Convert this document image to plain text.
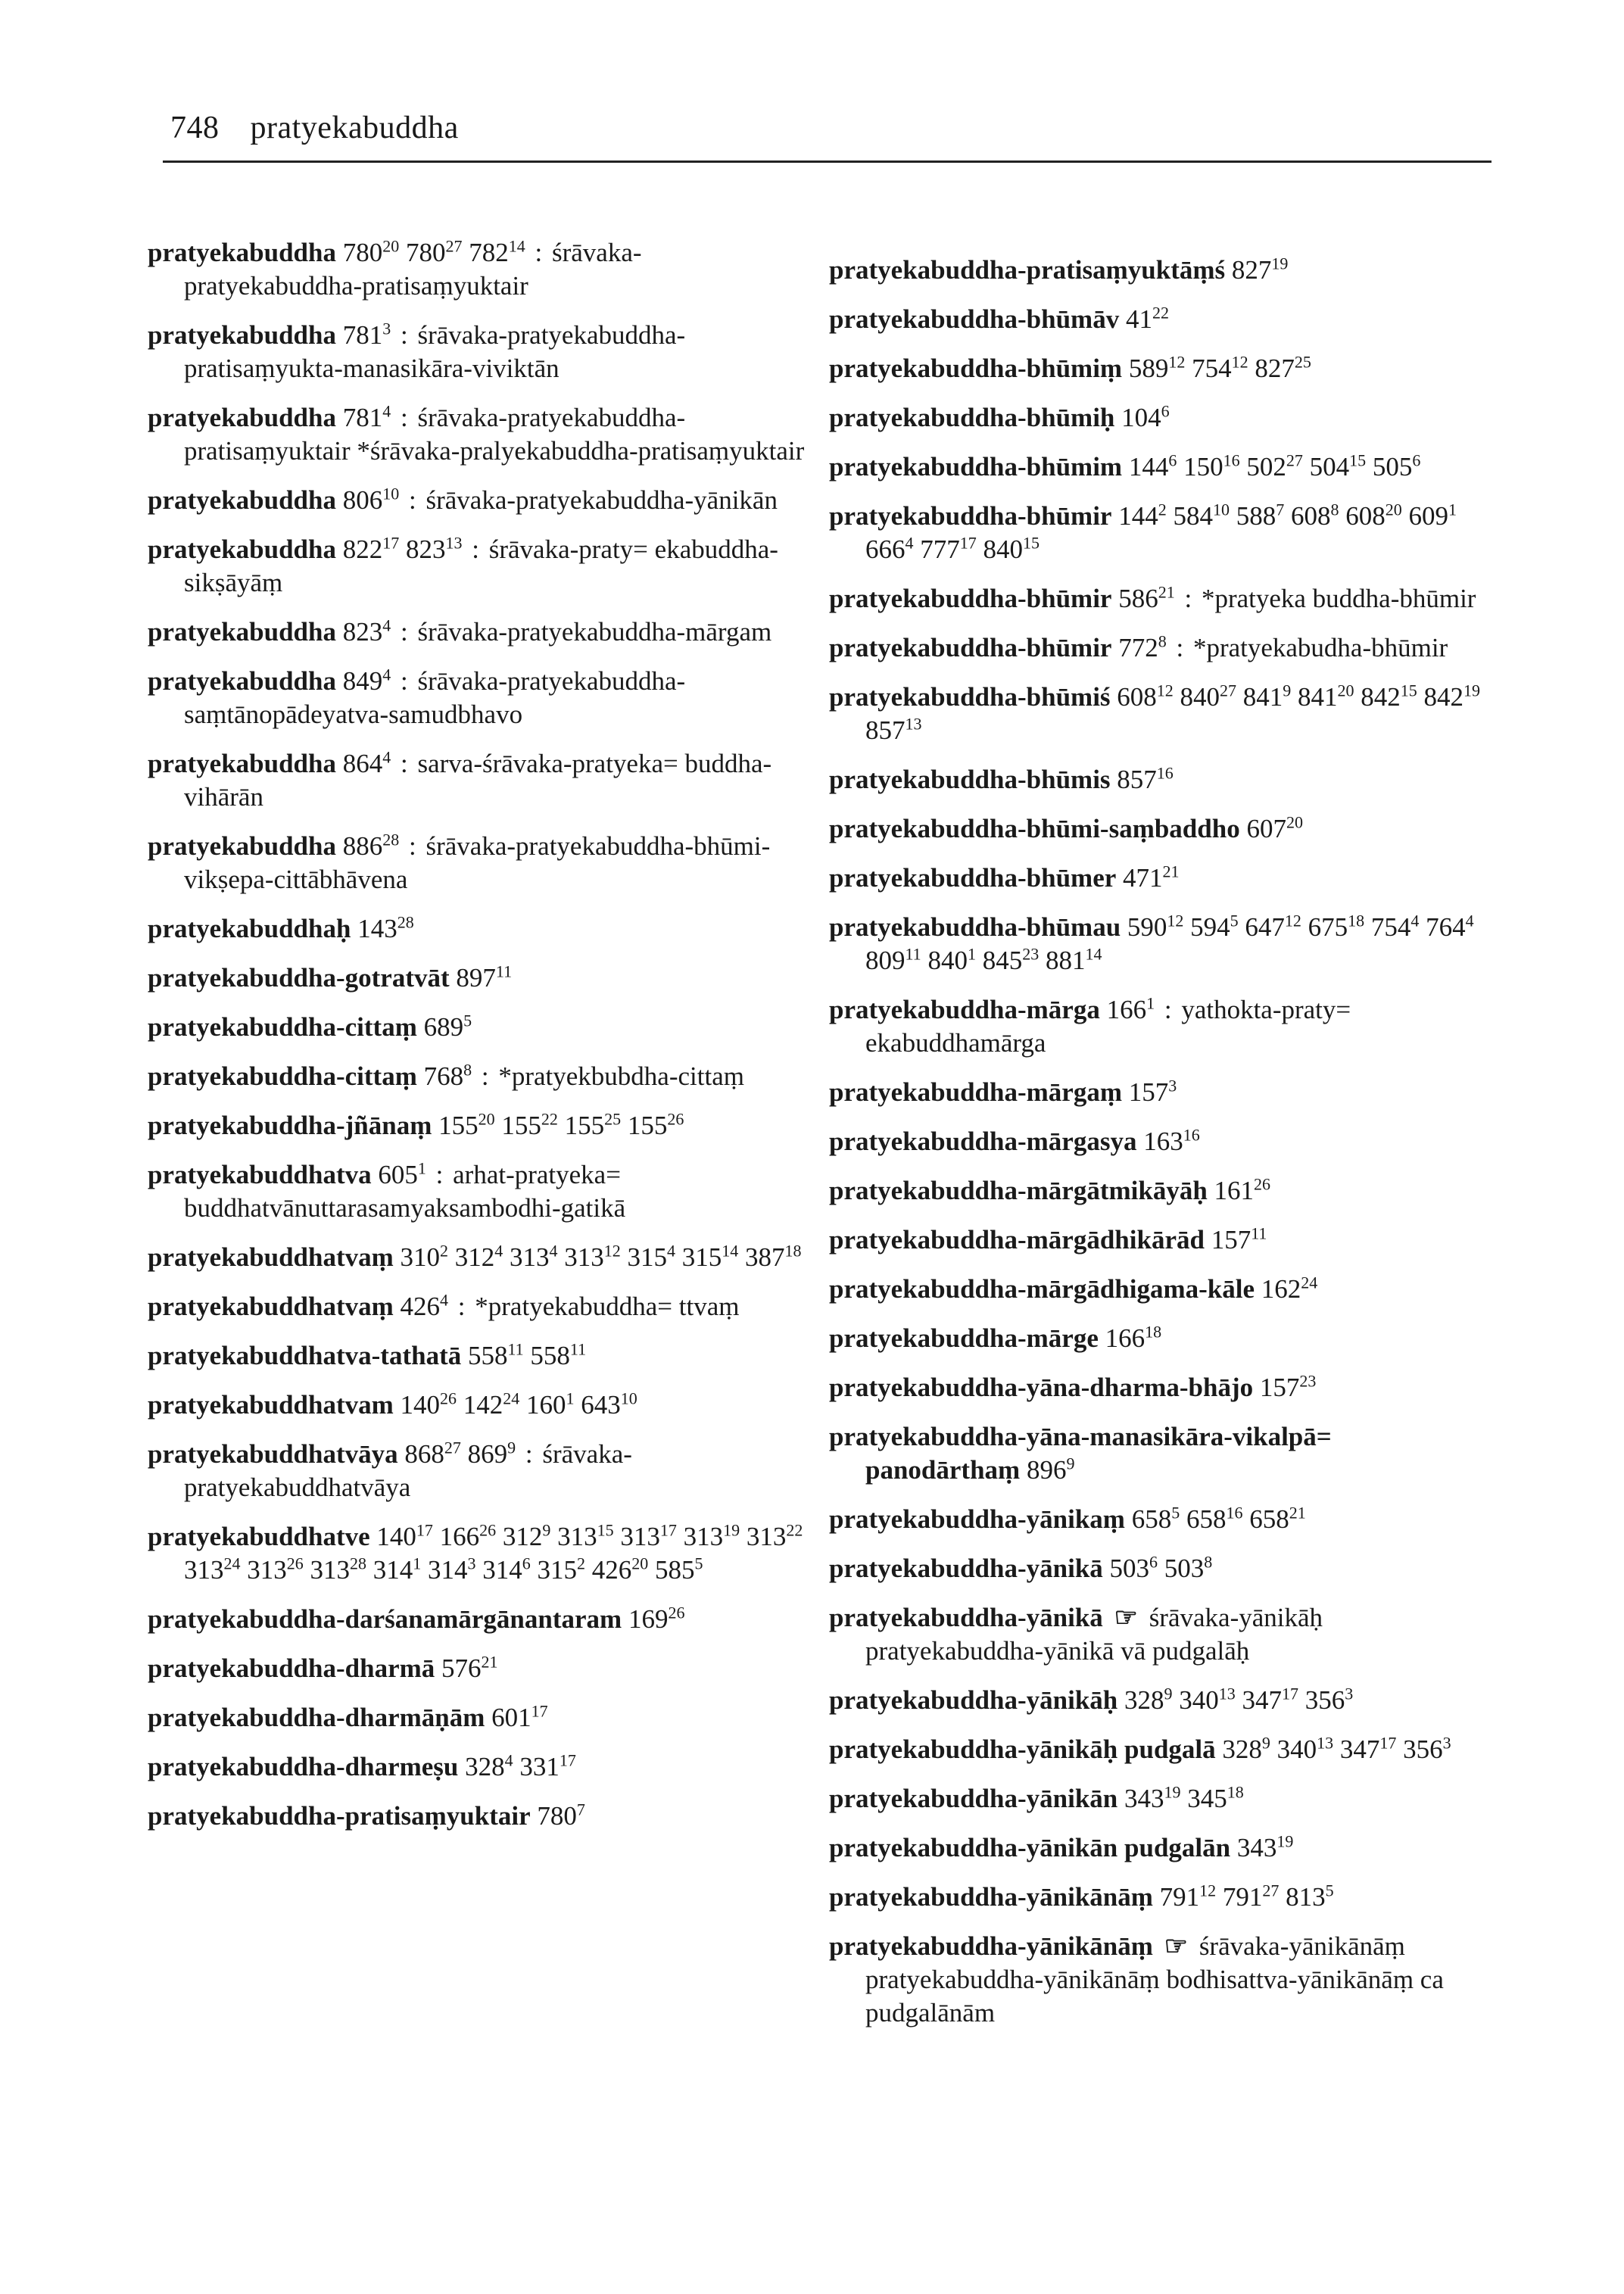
748 pratyekabuddha
pratyekabuddha $780^{20}$ $780^{27}$ $782^{14}$ : śrāvaka-pratyekabuddha-pratisaṃyuktair
pratyekabuddha $781^3$ : śrāvaka-pratyekabuddha-pratisaṃyukta-manasikāra-viviktān
pratyekabuddha $781^4$ : śrāvaka-pratyekabuddha-pratisaṃyuktair *śrāvaka-pralyekabuddha-pratisaṃyuktair
pratyekabuddha $806^{10}$ : śrāvaka-pratyekabuddha-yānikān
pratyekabuddha $822^{17}$ $823^{13}$ : śrāvaka-praty= ekabuddha-sikṣāyāṃ
pratyekabuddha $823^4$ : śrāvaka-pratyekabuddha-mārgam
pratyekabuddha $849^4$ : śrāvaka-pratyekabuddha-saṃtānopādeyatva-samudbhavo
pratyekabuddha $864^4$ : sarva-śrāvaka-pratyeka= buddha-vihārān
pratyekabuddha $886^{28}$ : śrāvaka-pratyekabuddha-bhūmi-vikṣepa-cittābhāvena
pratyekabuddhaḥ $143^{28}$
pratyekabuddha-gotratvāt $897^{11}$
pratyekabuddha-cittaṃ $689^5$
pratyekabuddha-cittaṃ $768^8$ : *pratyekbubdha-cittaṃ
pratyekabuddha-jñānaṃ $155^{20}$ $155^{22}$ $155^{25}$ $155^{26}$
pratyekabuddhatva $605^1$ : arhat-pratyeka= buddhatvānuttarasamyaksambodhi-gatikā
pratyekabuddhatvaṃ $310^2$ $312^4$ $313^4$ $313^{12}$ $315^4$ $315^{14}$ $387^{18}$
pratyekabuddhatvaṃ $426^4$ : *pratyekabuddha= ttvaṃ
pratyekabuddhatva-tathatā $558^{11}$ $558^{11}$
pratyekabuddhatvam $140^{26}$ $142^{24}$ $160^1$ $643^{10}$
pratyekabuddhatvāya $868^{27}$ $869^9$ : śrāvaka-pratyekabuddhatvāya
pratyekabuddhatve $140^{17}$ $166^{26}$ $312^9$ $313^{15}$ $313^{17}$ $313^{19}$ $313^{22}$ $313^{24}$ $313^{26}$ $313^{28}$ $314^1$ $314^3$ $314^6$ $315^2$ $426^{20}$ $585^5$
pratyekabuddha-darśanamārgānantaram $169^{26}$
pratyekabuddha-dharmā $576^{21}$
pratyekabuddha-dharmāṇām $601^{17}$
pratyekabuddha-dharmeṣu $328^4$ $331^{17}$
pratyekabuddha-pratisaṃyuktair $780^7$
pratyekabuddha-pratisaṃyuktāṃś $827^{19}$
pratyekabuddha-bhūmāv $41^{22}$
pratyekabuddha-bhūmiṃ $589^{12}$ $754^{12}$ $827^{25}$
pratyekabuddha-bhūmiḥ $104^6$
pratyekabuddha-bhūmim $144^6$ $150^{16}$ $502^{27}$ $504^{15}$ $505^6$
pratyekabuddha-bhūmir $144^2$ $584^{10}$ $588^7$ $608^8$ $608^{20}$ $609^1$ $666^4$ $777^{17}$ $840^{15}$
pratyekabuddha-bhūmir $586^{21}$ : *pratyeka buddha-bhūmir
pratyekabuddha-bhūmir $772^8$ : *pratyekabudha-bhūmir
pratyekabuddha-bhūmiś $608^{12}$ $840^{27}$ $841^9$ $841^{20}$ $842^{15}$ $842^{19}$ $857^{13}$
pratyekabuddha-bhūmis $857^{16}$
pratyekabuddha-bhūmi-saṃbaddho $607^{20}$
pratyekabuddha-bhūmer $471^{21}$
pratyekabuddha-bhūmau $590^{12}$ $594^5$ $647^{12}$ $675^{18}$ $754^4$ $764^4$ $809^{11}$ $840^1$ $845^{23}$ $881^{14}$
pratyekabuddha-mārga $166^1$ : yathokta-praty= ekabuddhamārga
pratyekabuddha-mārgaṃ $157^3$
pratyekabuddha-mārgasya $163^{16}$
pratyekabuddha-mārgātmikāyāḥ $161^{26}$
pratyekabuddha-mārgādhikārād $157^{11}$
pratyekabuddha-mārgādhigama-kāle $162^{24}$
pratyekabuddha-mārge $166^{18}$
pratyekabuddha-yāna-dharma-bhājo $157^{23}$
pratyekabuddha-yāna-manasikāra-vikalpā= panodārthaṃ $896^9$
pratyekabuddha-yānikaṃ $658^5$ $658^{16}$ $658^{21}$
pratyekabuddha-yānikā $503^6$ $503^8$
pratyekabuddha-yānikā ☞ śrāvaka-yānikāḥ pratyekabuddha-yānikā vā pudgalāḥ
pratyekabuddha-yānikāḥ $328^9$ $340^{13}$ $347^{17}$ $356^3$
pratyekabuddha-yānikāḥ pudgalā $328^9$ $340^{13}$ $347^{17}$ $356^3$
pratyekabuddha-yānikān $343^{19}$ $345^{18}$
pratyekabuddha-yānikān pudgalān $343^{19}$
pratyekabuddha-yānikānāṃ $791^{12}$ $791^{27}$ $813^5$
pratyekabuddha-yānikānāṃ ☞ śrāvaka-yānikānāṃ pratyekabuddha-yānikānāṃ bodhisattva-yānikānāṃ ca pudgalānām
